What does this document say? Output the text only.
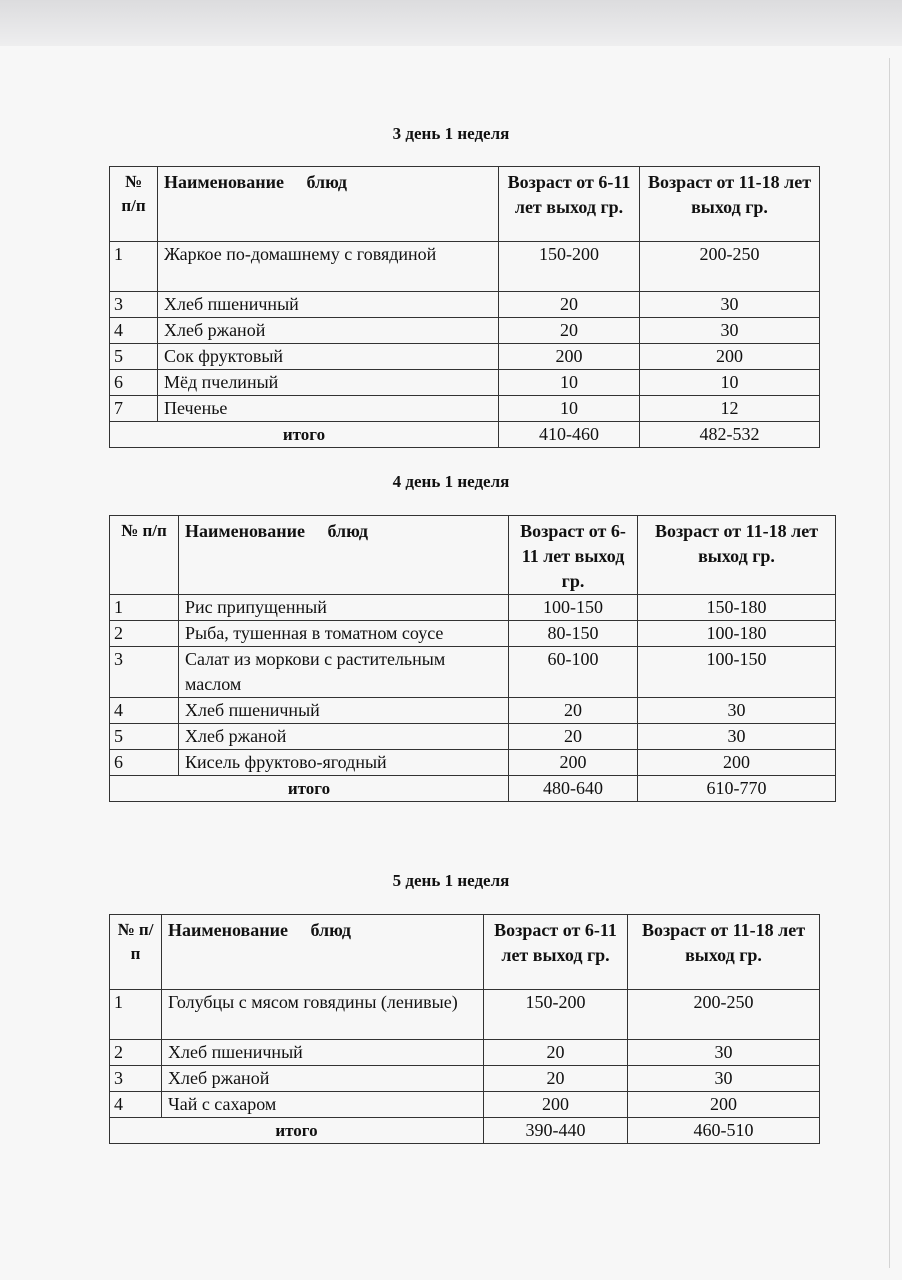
3 день 1 неделя
№ п/п	Наименование     блюд	Возраст от 6-11 лет выход гр.	Возраст от 11-18 лет выход гр.
1	Жаркое по-домашнему с говядиной	150-200	200-250
3	Хлеб пшеничный	20	30
4	Хлеб ржаной	20	30
5	Сок фруктовый	200	200
6	Мёд пчелиный	10	10
7	Печенье	10	12
итого		410-460	482-532
4 день 1 неделя
№ п/п	Наименование     блюд	Возраст от 6-11 лет выход гр.	Возраст от 11-18 лет выход гр.
1	Рис припущенный	100-150	150-180
2	Рыба, тушенная в томатном соусе	80-150	100-180
3	Салат из моркови с растительным маслом	60-100	100-150
4	Хлеб пшеничный	20	30
5	Хлеб ржаной	20	30
6	Кисель фруктово-ягодный	200	200
итого		480-640	610-770
5 день 1 неделя
№ п/п	Наименование     блюд	Возраст от 6-11 лет выход гр.	Возраст от 11-18 лет выход гр.
1	Голубцы с мясом говядины (ленивые)	150-200	200-250
2	Хлеб пшеничный	20	30
3	Хлеб ржаной	20	30
4	Чай с сахаром	200	200
итого		390-440	460-510
